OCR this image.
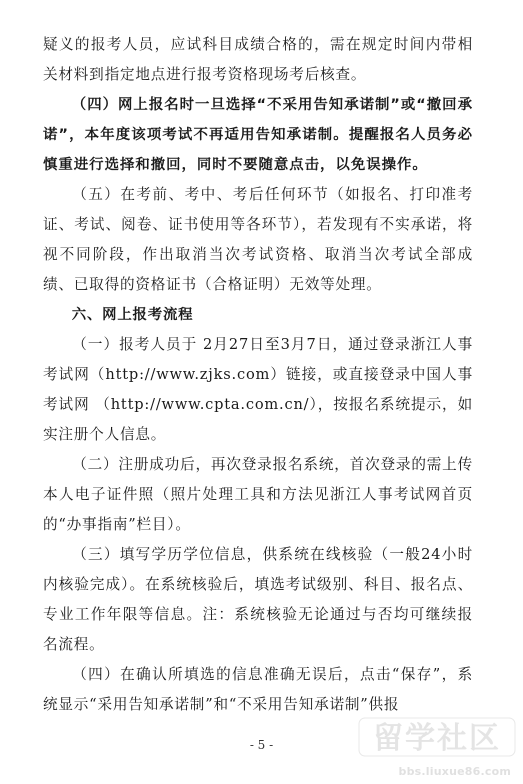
疑义的报考人员，应试科目成绩合格的，需在规定时间内带相关材料到指定地点进行报考资格现场考后核查。

（四）网上报名时一旦选择“不采用告知承诺制”或“撤回承诺”，本年度该项考试不再适用告知承诺制。提醒报名人员务必慎重进行选择和撤回，同时不要随意点击，以免误操作。

（五）在考前、考中、考后任何环节（如报名、打印准考证、考试、阅卷、证书使用等各环节），若发现有不实承诺，将视不同阶段，作出取消当次考试资格、取消当次考试全部成绩、已取得的资格证书（合格证明）无效等处理。

六、网上报考流程

（一）报考人员于 2月27日至3月7日，通过登录浙江人事考试网（http://www.zjks.com）链接，或直接登录中国人事考试网 （http://www.cpta.com.cn/），按报名系统提示，如实注册个人信息。

（二）注册成功后，再次登录报名系统，首次登录的需上传本人电子证件照（照片处理工具和方法见浙江人事考试网首页的“办事指南”栏目）。

（三）填写学历学位信息，供系统在线核验（一般24小时内核验完成）。在系统核验后，填选考试级别、科目、报名点、专业工作年限等信息。注：系统核验无论通过与否均可继续报名流程。

（四）在确认所填选的信息准确无误后，点击“保存”，系统显示“采用告知承诺制”和“不采用告知承诺制”供报

- 5 -	留学社区
bbs.liuxue86.com
